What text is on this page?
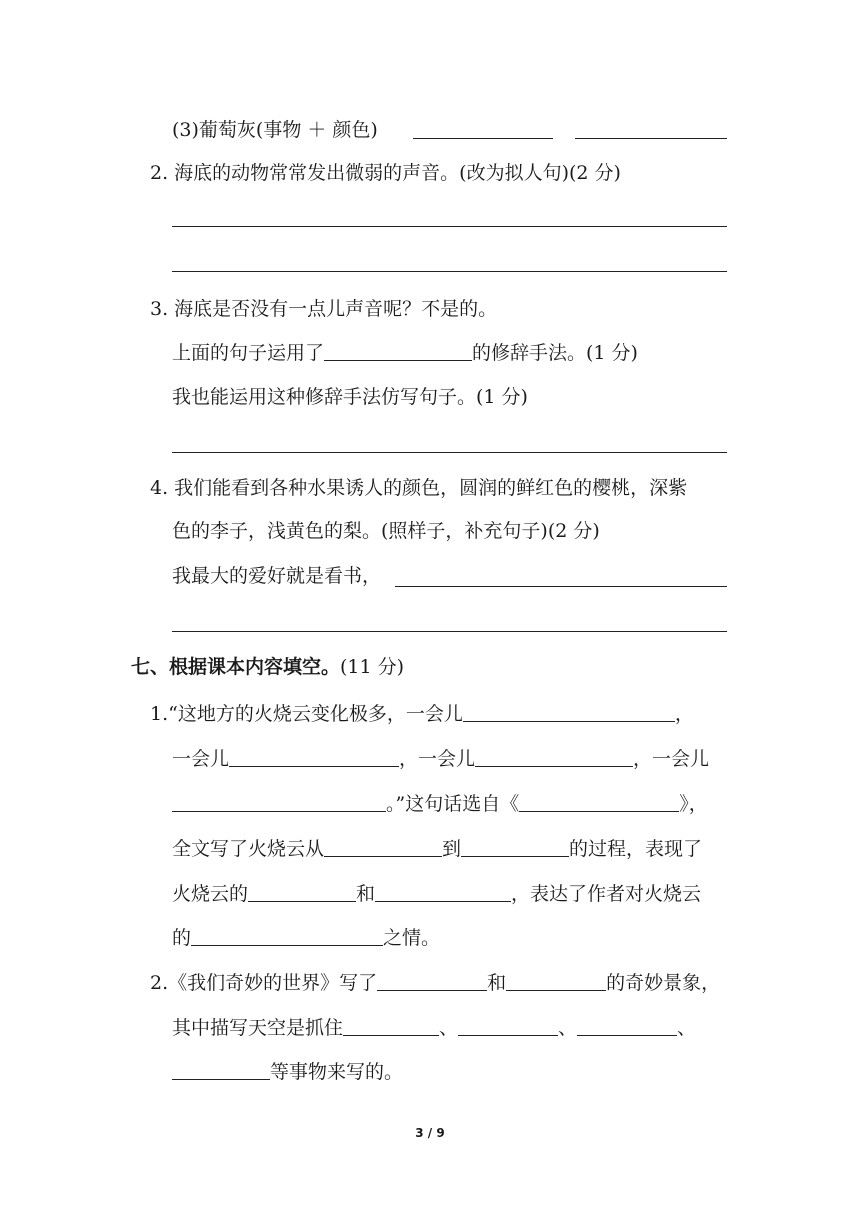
(3)葡萄灰(事物 ＋ 颜色)
2. 海底的动物常常发出微弱的声音。(改为拟人句)(2 分)
3. 海底是否没有一点儿声音呢？不是的。
上面的句子运用了	的修辞手法。(1 分)
我也能运用这种修辞手法仿写句子。(1 分)
4. 我们能看到各种水果诱人的颜色，圆润的鲜红色的樱桃，深紫
色的李子，浅黄色的梨。(照样子，补充句子)(2 分)
我最大的爱好就是看书，
七、根据课本内容填空。(11 分)
1.“这地方的火烧云变化极多，一会儿	，
一会儿	，一会儿	，一会儿
。”这句话选自《	》，
全文写了火烧云从	到	的过程，表现了
火烧云的	和	，表达了作者对火烧云
的	之情。
2.《我们奇妙的世界》写了	和	的奇妙景象，
其中描写天空是抓住	、	、	、
等事物来写的。
3 / 9
